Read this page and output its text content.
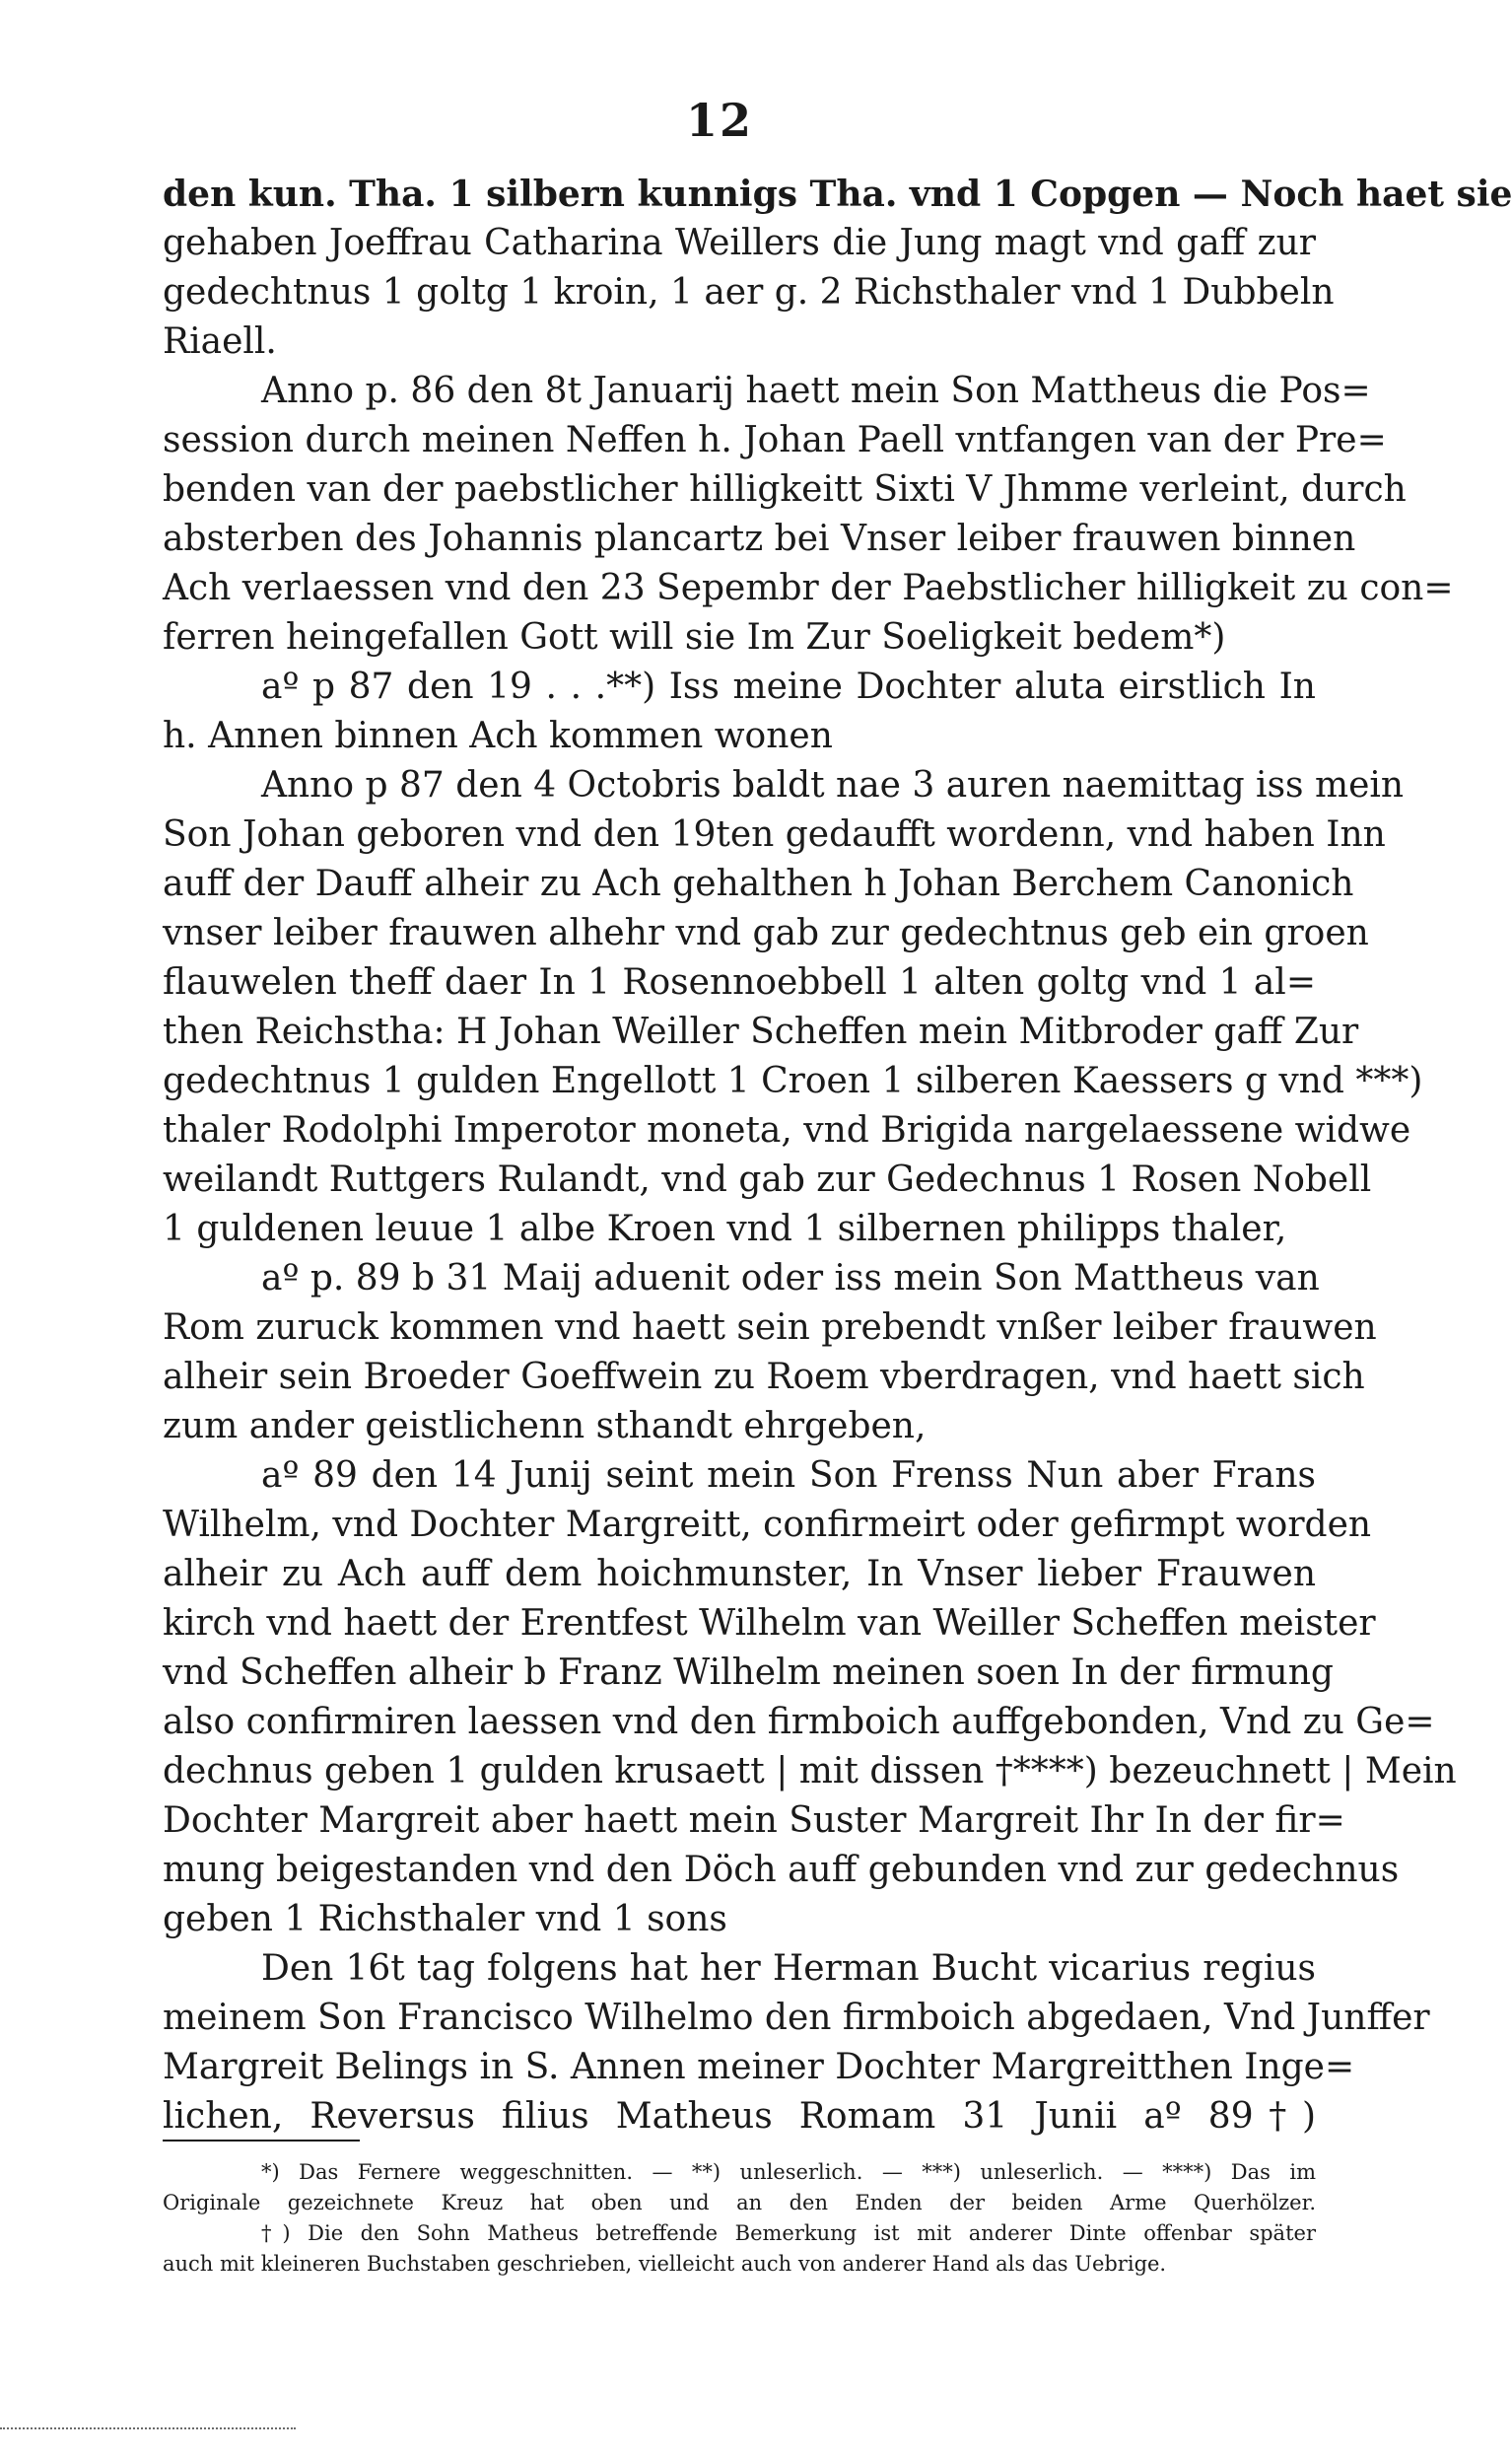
12
den kun. Tha. 1 silbern kunnigs Tha. vnd 1 Copgen — Noch haet sie
gehaben Joeffrau Catharina Weillers die Jung magt vnd gaff zur
gedechtnus 1 goltg 1 kroin, 1 aer g. 2 Richsthaler vnd 1 Dubbeln
Riaell.
Anno p. 86 den 8t Januarij haett mein Son Mattheus die Pos=
session durch meinen Neffen h. Johan Paell vntfangen van der Pre=
benden van der paebstlicher hilligkeitt Sixti V Jhmme verleint, durch
absterben des Johannis plancartz bei Vnser leiber frauwen binnen
Ach verlaessen vnd den 23 Sepembr der Paebstlicher hilligkeit zu con=
ferren heingefallen Gott will sie Im Zur Soeligkeit bedem*)
aº p 87 den 19 . . .**) Iss meine Dochter aluta eirstlich In
h. Annen binnen Ach kommen wonen
Anno p 87 den 4 Octobris baldt nae 3 auren naemittag iss mein
Son Johan geboren vnd den 19ten gedaufft wordenn, vnd haben Inn
auff der Dauff alheir zu Ach gehalthen h Johan Berchem Canonich
vnser leiber frauwen alhehr vnd gab zur gedechtnus geb ein groen
flauwelen theff daer In 1 Rosennoebbell 1 alten goltg vnd 1 al=
then Reichstha: H Johan Weiller Scheffen mein Mitbroder gaff Zur
gedechtnus 1 gulden Engellott 1 Croen 1 silberen Kaessers g vnd ***)
thaler Rodolphi Imperotor moneta, vnd Brigida nargelaessene widwe
weilandt Ruttgers Rulandt, vnd gab zur Gedechnus 1 Rosen Nobell
1 guldenen leuue 1 albe Kroen vnd 1 silbernen philipps thaler,
aº p. 89 b 31 Maij aduenit oder iss mein Son Mattheus van
Rom zuruck kommen vnd haett sein prebendt vnßer leiber frauwen
alheir sein Broeder Goeffwein zu Roem vberdragen, vnd haett sich
zum ander geistlichenn sthandt ehrgeben,
aº 89 den 14 Junij seint mein Son Frenss Nun aber Frans
Wilhelm, vnd Dochter Margreitt, confirmeirt oder gefirmpt worden
alheir zu Ach auff dem hoichmunster, In Vnser lieber Frauwen
kirch vnd haett der Erentfest Wilhelm van Weiller Scheffen meister
vnd Scheffen alheir b Franz Wilhelm meinen soen In der firmung
also confirmiren laessen vnd den firmboich auffgebonden, Vnd zu Ge=
dechnus geben 1 gulden krusaett | mit dissen †****) bezeuchnett | Mein
Dochter Margreit aber haett mein Suster Margreit Ihr In der fir=
mung beigestanden vnd den Döch auff gebunden vnd zur gedechnus
geben 1 Richsthaler vnd 1 sons
Den 16t tag folgens hat her Herman Bucht vicarius regius
meinem Son Francisco Wilhelmo den firmboich abgedaen, Vnd Junffer
Margreit Belings in S. Annen meiner Dochter Margreitthen Inge=
lichen, Reversus filius Matheus Romam 31 Junii aº 89†)
*) Das Fernere weggeschnitten. — **) unleserlich. — ***) unleserlich. — ****) Das im
Originale gezeichnete Kreuz hat oben und an den Enden der beiden Arme Querhölzer.
†) Die den Sohn Matheus betreffende Bemerkung ist mit anderer Dinte offenbar später
auch mit kleineren Buchstaben geschrieben, vielleicht auch von anderer Hand als das Uebrige.
